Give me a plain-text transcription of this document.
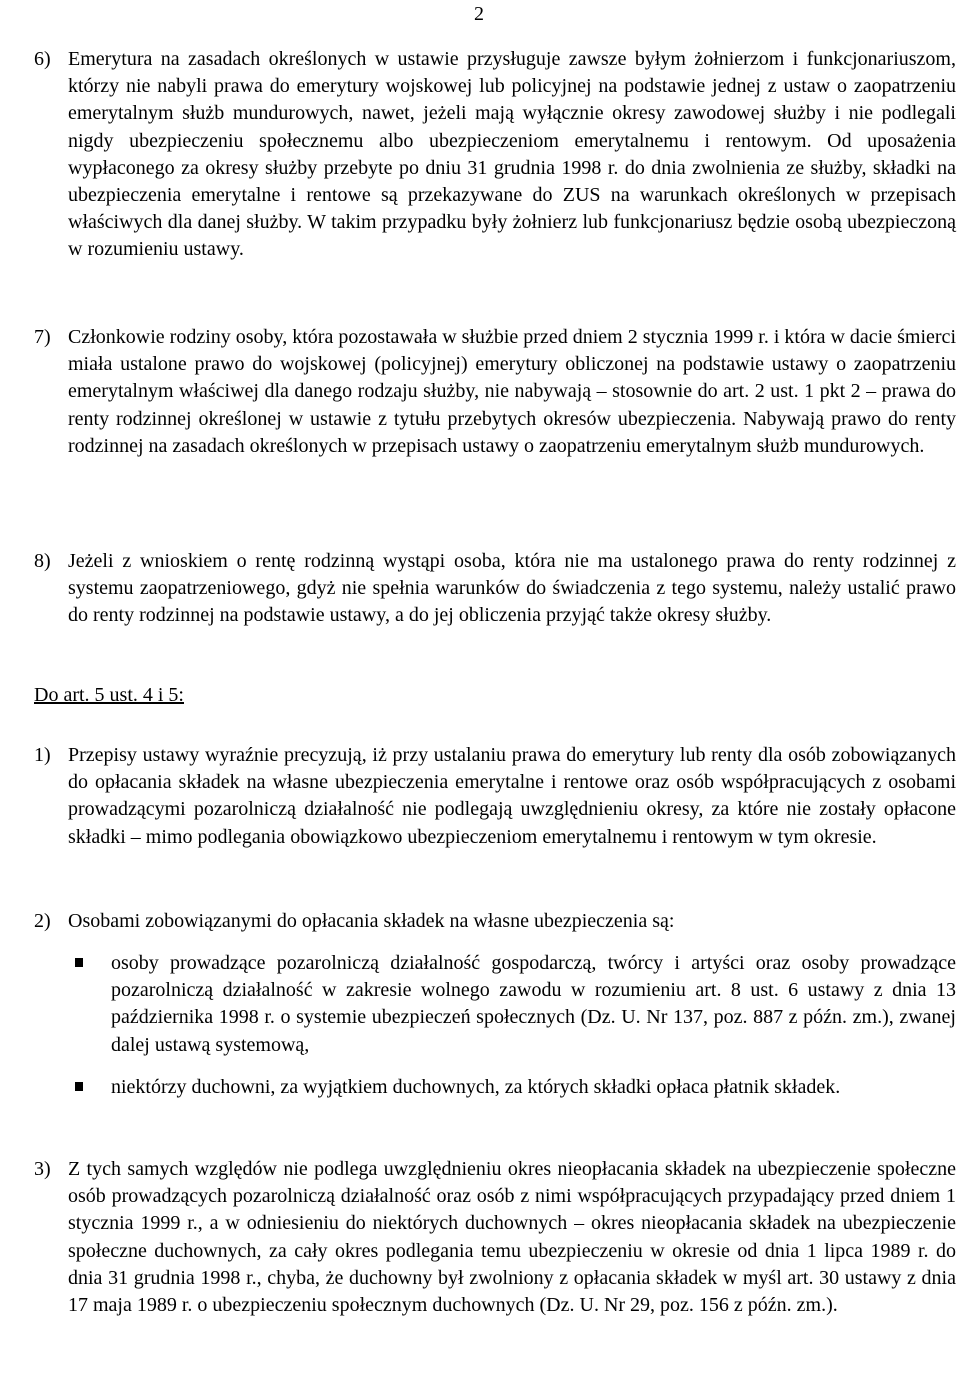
2
6) Emerytura na zasadach określonych w ustawie przysługuje zawsze byłym żołnierzom i funkcjonariuszom, którzy nie nabyli prawa do emerytury wojskowej lub policyjnej na podstawie jednej z ustaw o zaopatrzeniu emerytalnym służb mundurowych, nawet, jeżeli mają wyłącznie okresy zawodowej służby i nie podlegali nigdy ubezpieczeniu społecznemu albo ubezpieczeniom emerytalnemu i rentowym. Od uposażenia wypłaconego za okresy służby przebyte po dniu 31 grudnia 1998 r. do dnia zwolnienia ze służby, składki na ubezpieczenia emerytalne i rentowe są przekazywane do ZUS na warunkach określonych w przepisach właściwych dla danej służby. W takim przypadku były żołnierz lub funkcjonariusz będzie osobą ubezpieczoną w rozumieniu ustawy.
7) Członkowie rodziny osoby, która pozostawała w służbie przed dniem 2 stycznia 1999 r. i która w dacie śmierci miała ustalone prawo do wojskowej (policyjnej) emerytury obliczonej na podstawie ustawy o zaopatrzeniu emerytalnym właściwej dla danego rodzaju służby, nie nabywają – stosownie do art. 2 ust. 1 pkt 2 – prawa do renty rodzinnej określonej w ustawie z tytułu przebytych okresów ubezpieczenia. Nabywają prawo do renty rodzinnej na zasadach określonych w przepisach ustawy o zaopatrzeniu emerytalnym służb mundurowych.
8) Jeżeli z wnioskiem o rentę rodzinną wystąpi osoba, która nie ma ustalonego prawa do renty rodzinnej z systemu zaopatrzeniowego, gdyż nie spełnia warunków do świadczenia z tego systemu, należy ustalić prawo do renty rodzinnej na podstawie ustawy, a do jej obliczenia przyjąć także okresy służby.
Do art. 5 ust. 4 i 5:
1) Przepisy ustawy wyraźnie precyzują, iż przy ustalaniu prawa do emerytury lub renty dla osób zobowiązanych do opłacania składek na własne ubezpieczenia emerytalne i rentowe oraz osób współpracujących z osobami prowadzącymi pozarolniczą działalność nie podlegają uwzględnieniu okresy, za które nie zostały opłacone składki – mimo podlegania obowiązkowo ubezpieczeniom emerytalnemu i rentowym w tym okresie.
2) Osobami zobowiązanymi do opłacania składek na własne ubezpieczenia są:
osoby prowadzące pozarolniczą działalność gospodarczą, twórcy i artyści oraz osoby prowadzące pozarolniczą działalność w zakresie wolnego zawodu w rozumieniu art. 8 ust. 6 ustawy z dnia 13 października 1998 r. o systemie ubezpieczeń społecznych (Dz. U. Nr 137, poz. 887 z późn. zm.), zwanej dalej ustawą systemową,
niektórzy duchowni, za wyjątkiem duchownych, za których składki opłaca płatnik składek.
3) Z tych samych względów nie podlega uwzględnieniu okres nieopłacania składek na ubezpieczenie społeczne osób prowadzących pozarolniczą działalność oraz osób z nimi współpracujących przypadający przed dniem 1 stycznia 1999 r., a w odniesieniu do niektórych duchownych – okres nieopłacania składek na ubezpieczenie społeczne duchownych, za cały okres podlegania temu ubezpieczeniu w okresie od dnia 1 lipca 1989 r. do dnia 31 grudnia 1998 r., chyba, że duchowny był zwolniony z opłacania składek w myśl art. 30 ustawy z dnia 17 maja 1989 r. o ubezpieczeniu społecznym duchownych (Dz. U. Nr 29, poz. 156 z późn. zm.).
